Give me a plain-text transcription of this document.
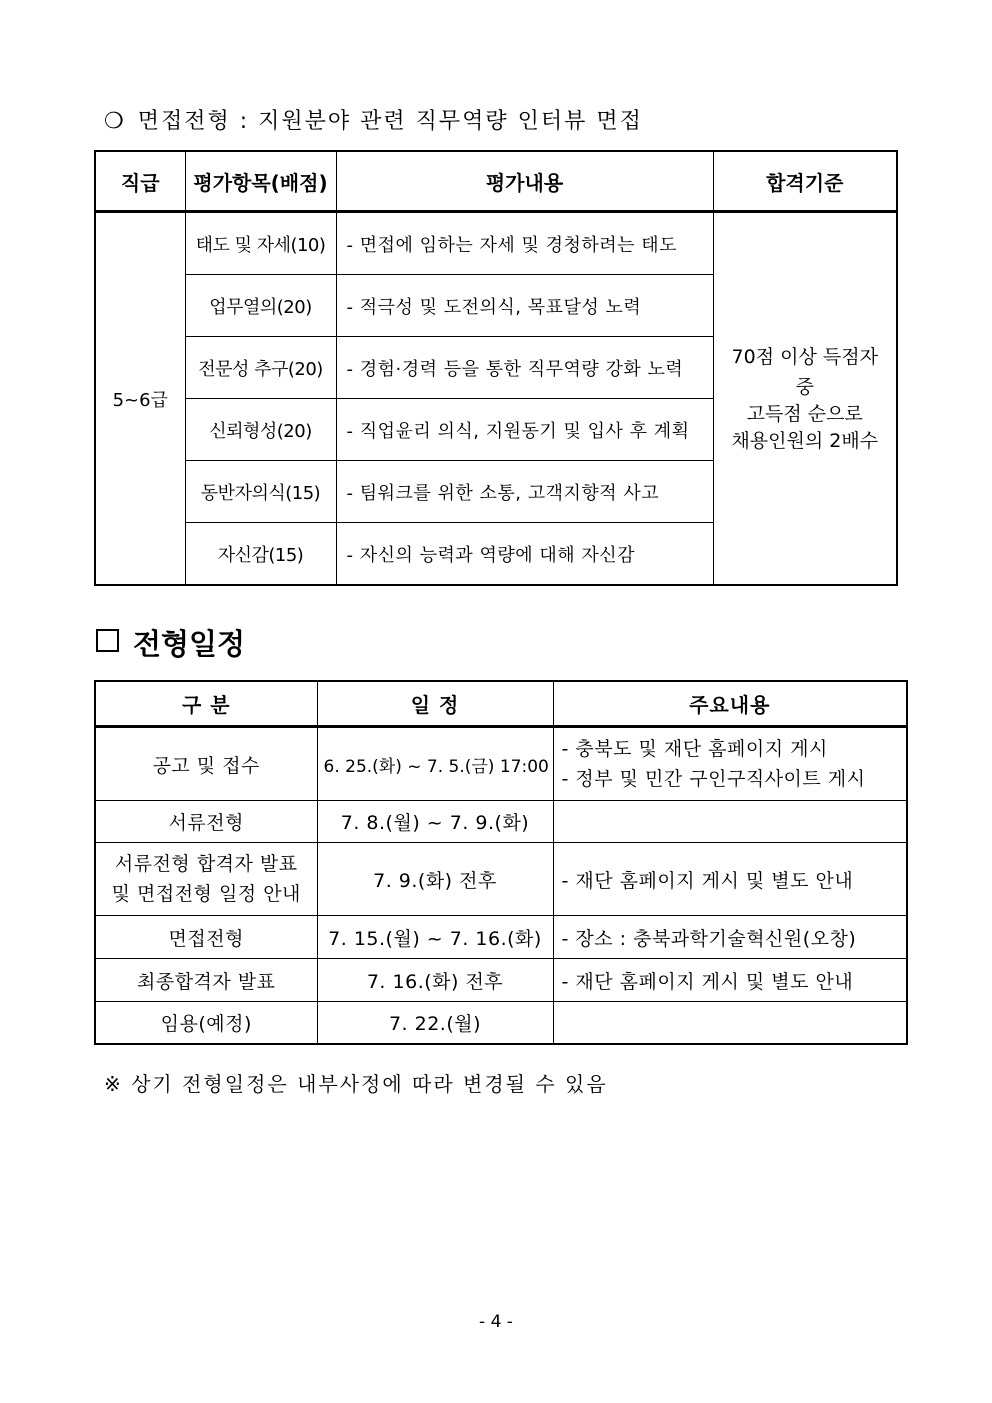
❍ 면접전형 : 지원분야 관련 직무역량 인터뷰 면접
직급	평가항목(배점)	평가내용	합격기준
5~6급	태도 및 자세(10)	- 면접에 임하는 자세 및 경청하려는 태도	70점 이상 득점자 중
고득점 순으로
채용인원의 2배수

	업무열의(20)	- 적극성 및 도전의식, 목표달성 노력	
	전문성 추구(20)	- 경험·경력 등을 통한 직무역량 강화 노력	
	신뢰형성(20)	- 직업윤리 의식, 지원동기 및 입사 후 계획	
	동반자의식(15)	- 팀워크를 위한 소통, 고객지향적 사고	
	자신감(15)	- 자신의 능력과 역량에 대해 자신감	
전형일정
구 분	일 정	주요내용
공고 및 접수	6. 25.(화) ~ 7. 5.(금) 17:00	- 충북도 및 재단 홈페이지 게시
- 정부 및 민간 구인구직사이트 게시

서류전형	7. 8.(월) ~ 7. 9.(화)	

서류전형 합격자 발표
및 면접전형 일정 안내	7. 9.(화) 전후	- 재단 홈페이지 게시 및 별도 안내
면접전형	7. 15.(월) ~ 7. 16.(화)	- 장소 : 충북과학기술혁신원(오창)
최종합격자 발표	7. 16.(화) 전후	- 재단 홈페이지 게시 및 별도 안내
임용(예정)	7. 22.(월)	
※ 상기 전형일정은 내부사정에 따라 변경될 수 있음
- 4 -
